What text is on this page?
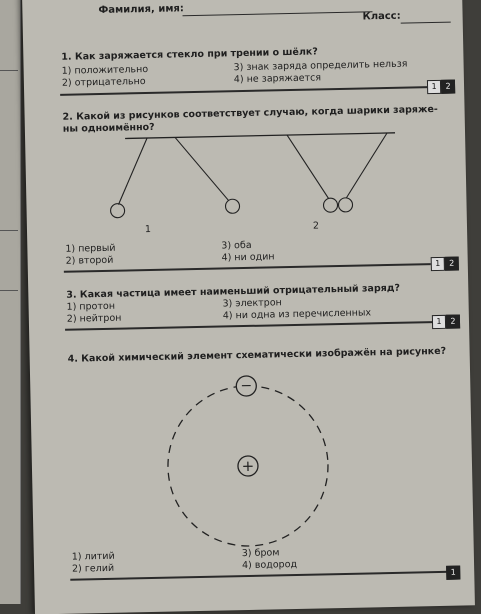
Фамилия, имя:
Класс:
1. Как заряжается стекло при трении о шёлк?
1) положительно	3) знак заряда определить нельзя
2) отрицательно	4) не заряжается
1	2
2. Какой из рисунков соответствует случаю, когда шарики заряже-
ны одноимённо?
1	2
1) первый	3) оба
2) второй	4) ни один	1	2
3. Какая частица имеет наименьший отрицательный заряд?
1) протон	3) электрон
2) нейтрон	4) ни одна из перечисленных	1	2
4. Какой химический элемент схематически изображён на рисунке?
−
+
1) литий	3) бром
2) гелий	4) водород
1
